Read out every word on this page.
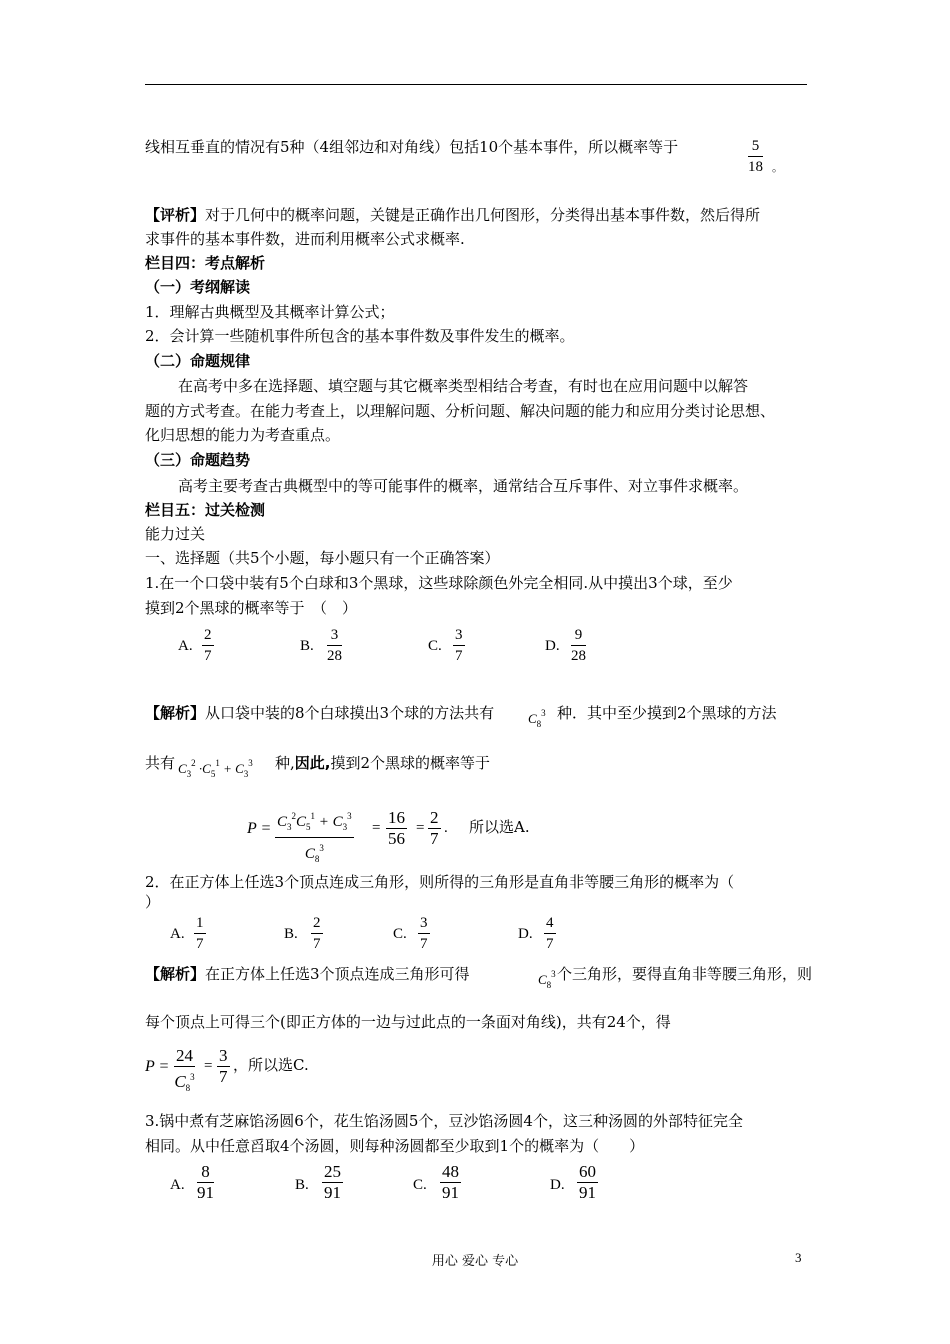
线相互垂直的情况有5种（4组邻边和对角线）包括10个基本事件，所以概率等于	$\frac{5}{18}$ 。
【评析】对于几何中的概率问题，关键是正确作出几何图形，分类得出基本事件数，然后得所
求事件的基本事件数，进而利用概率公式求概率.
栏目四：考点解析
（一）考纲解读
1．理解古典概型及其概率计算公式；
2．会计算一些随机事件所包含的基本事件数及事件发生的概率。
（二）命题规律
在高考中多在选择题、填空题与其它概率类型相结合考查，有时也在应用问题中以解答
题的方式考查。在能力考查上，以理解问题、分析问题、解决问题的能力和应用分类讨论思想、
化归思想的能力为考查重点。
（三）命题趋势
高考主要考查古典概型中的等可能事件的概率，通常结合互斥事件、对立事件求概率。
栏目五：过关检测
能力过关
一、选择题（共5个小题，每小题只有一个正确答案）
1.在一个口袋中装有5个白球和3个黑球，这些球除颜色外完全相同.从中摸出3个球，至少
摸到2个黑球的概率等于　（　）
A. $\frac{2}{7}$	B. $\frac{3}{28}$	C. $\frac{3}{7}$	D. $\frac{9}{28}$
【解析】从口袋中装的8个白球摸出3个球的方法共有	$C_8^3$ 种．其中至少摸到2个黑球的方法
共有 $C_3^2 \cdot C_5^1 + C_3^3$ 种,因此,摸到2个黑球的概率等于
$P = \frac{C_3^2C_5^1 + C_3^3}{C_8^3} = \frac{16}{56} = \frac{2}{7}$ . 所以选A.
2．在正方体上任选3个顶点连成三角形，则所得的三角形是直角非等腰三角形的概率为（
）
A. $\frac{1}{7}$	B. $\frac{2}{7}$	C. $\frac{3}{7}$	D. $\frac{4}{7}$
【解析】在正方体上任选3个顶点连成三角形可得	$C_8^3$ 个三角形，要得直角非等腰三角形，则
每个顶点上可得三个(即正方体的一边与过此点的一条面对角线)，共有24个，得
$P = \frac{24}{C_8^3} = \frac{3}{7}$ ，所以选C.
3.锅中煮有芝麻馅汤圆6个，花生馅汤圆5个，豆沙馅汤圆4个，这三种汤圆的外部特征完全
相同。从中任意舀取4个汤圆，则每种汤圆都至少取到1个的概率为（　　）
A. $\frac{8}{91}$	B. $\frac{25}{91}$	C. $\frac{48}{91}$	D. $\frac{60}{91}$
用心 爱心 专心	3
